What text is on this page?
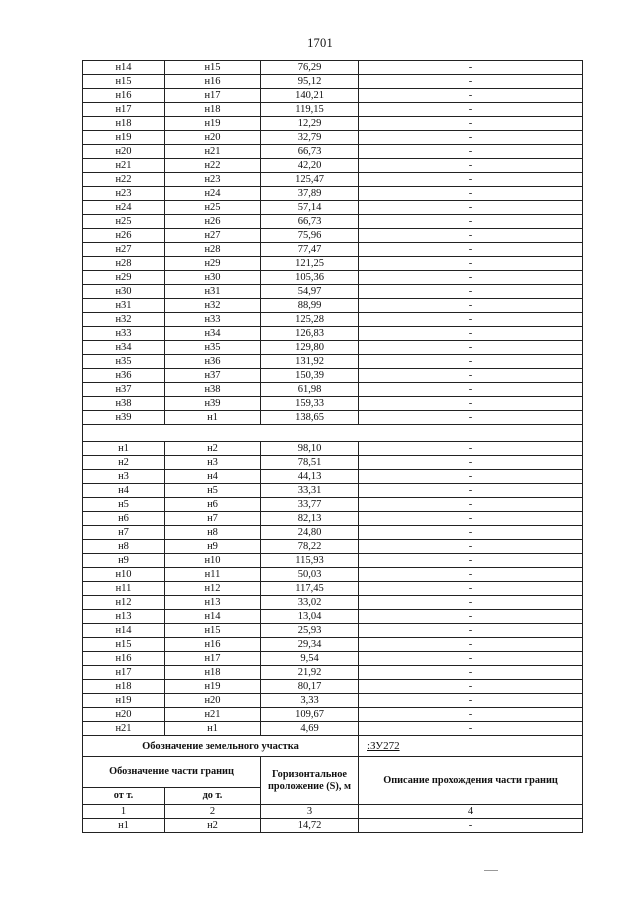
1701
н14	н15	76,29	-
н15	н16	95,12	-
н16	н17	140,21	-
н17	н18	119,15	-
н18	н19	12,29	-
н19	н20	32,79	-
н20	н21	66,73	-
н21	н22	42,20	-
н22	н23	125,47	-
н23	н24	37,89	-
н24	н25	57,14	-
н25	н26	66,73	-
н26	н27	75,96	-
н27	н28	77,47	-
н28	н29	121,25	-
н29	н30	105,36	-
н30	н31	54,97	-
н31	н32	88,99	-
н32	н33	125,28	-
н33	н34	126,83	-
н34	н35	129,80	-
н35	н36	131,92	-
н36	н37	150,39	-
н37	н38	61,98	-
н38	н39	159,33	-
н39	н1	138,65	-

н1	н2	98,10	-
н2	н3	78,51	-
н3	н4	44,13	-
н4	н5	33,31	-
н5	н6	33,77	-
н6	н7	82,13	-
н7	н8	24,80	-
н8	н9	78,22	-
н9	н10	115,93	-
н10	н11	50,03	-
н11	н12	117,45	-
н12	н13	33,02	-
н13	н14	13,04	-
н14	н15	25,93	-
н15	н16	29,34	-
н16	н17	9,54	-
н17	н18	21,92	-
н18	н19	80,17	-
н19	н20	3,33	-
н20	н21	109,67	-
н21	н1	4,69	-
Обозначение земельного участка			:ЗУ272
Обозначение части границ		Горизонтальное проложение (S), м	Описание прохождения части границ
от т.	до т.		
1	2	3	4
н1	н2	14,72	-
